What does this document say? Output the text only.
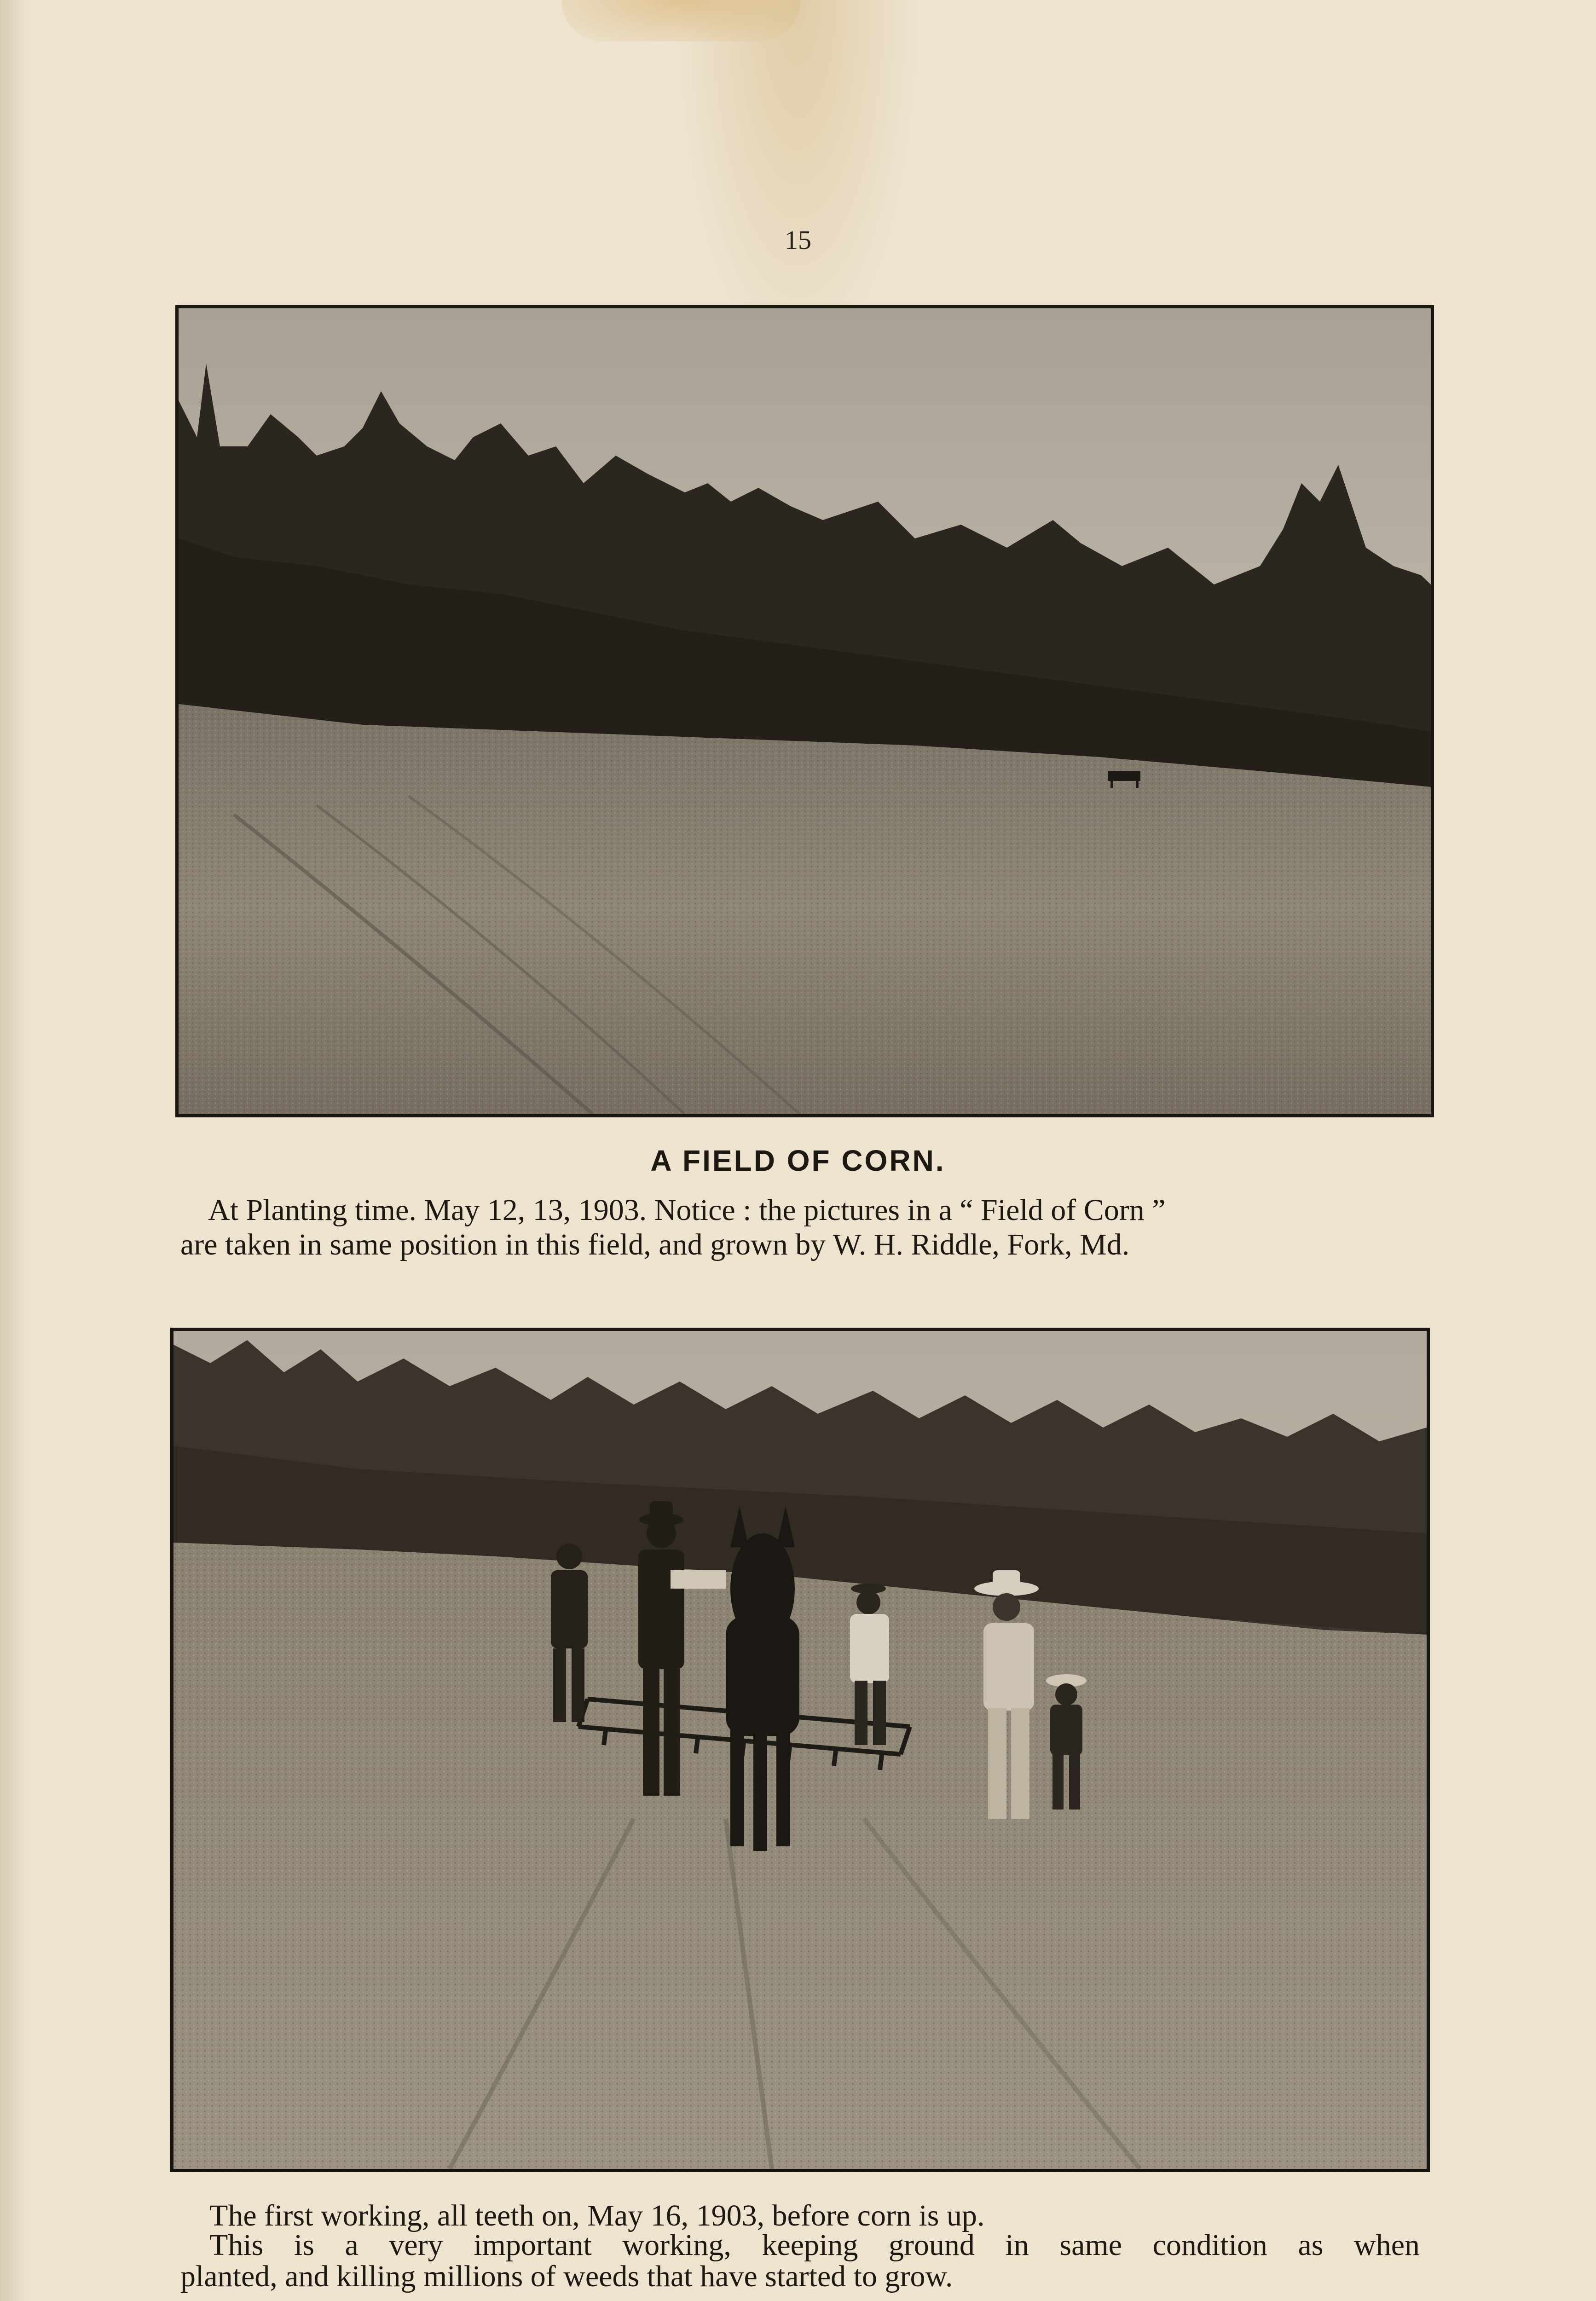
15
A FIELD OF CORN.
At Planting time. May 12, 13, 1903. Notice : the pictures in a “ Field of Corn ”
are taken in same position in this field, and grown by W. H. Riddle, Fork, Md.
The first working, all teeth on, May 16, 1903, before corn is up.
This is a very important working, keeping ground in same condition as when
planted, and killing millions of weeds that have started to grow.
